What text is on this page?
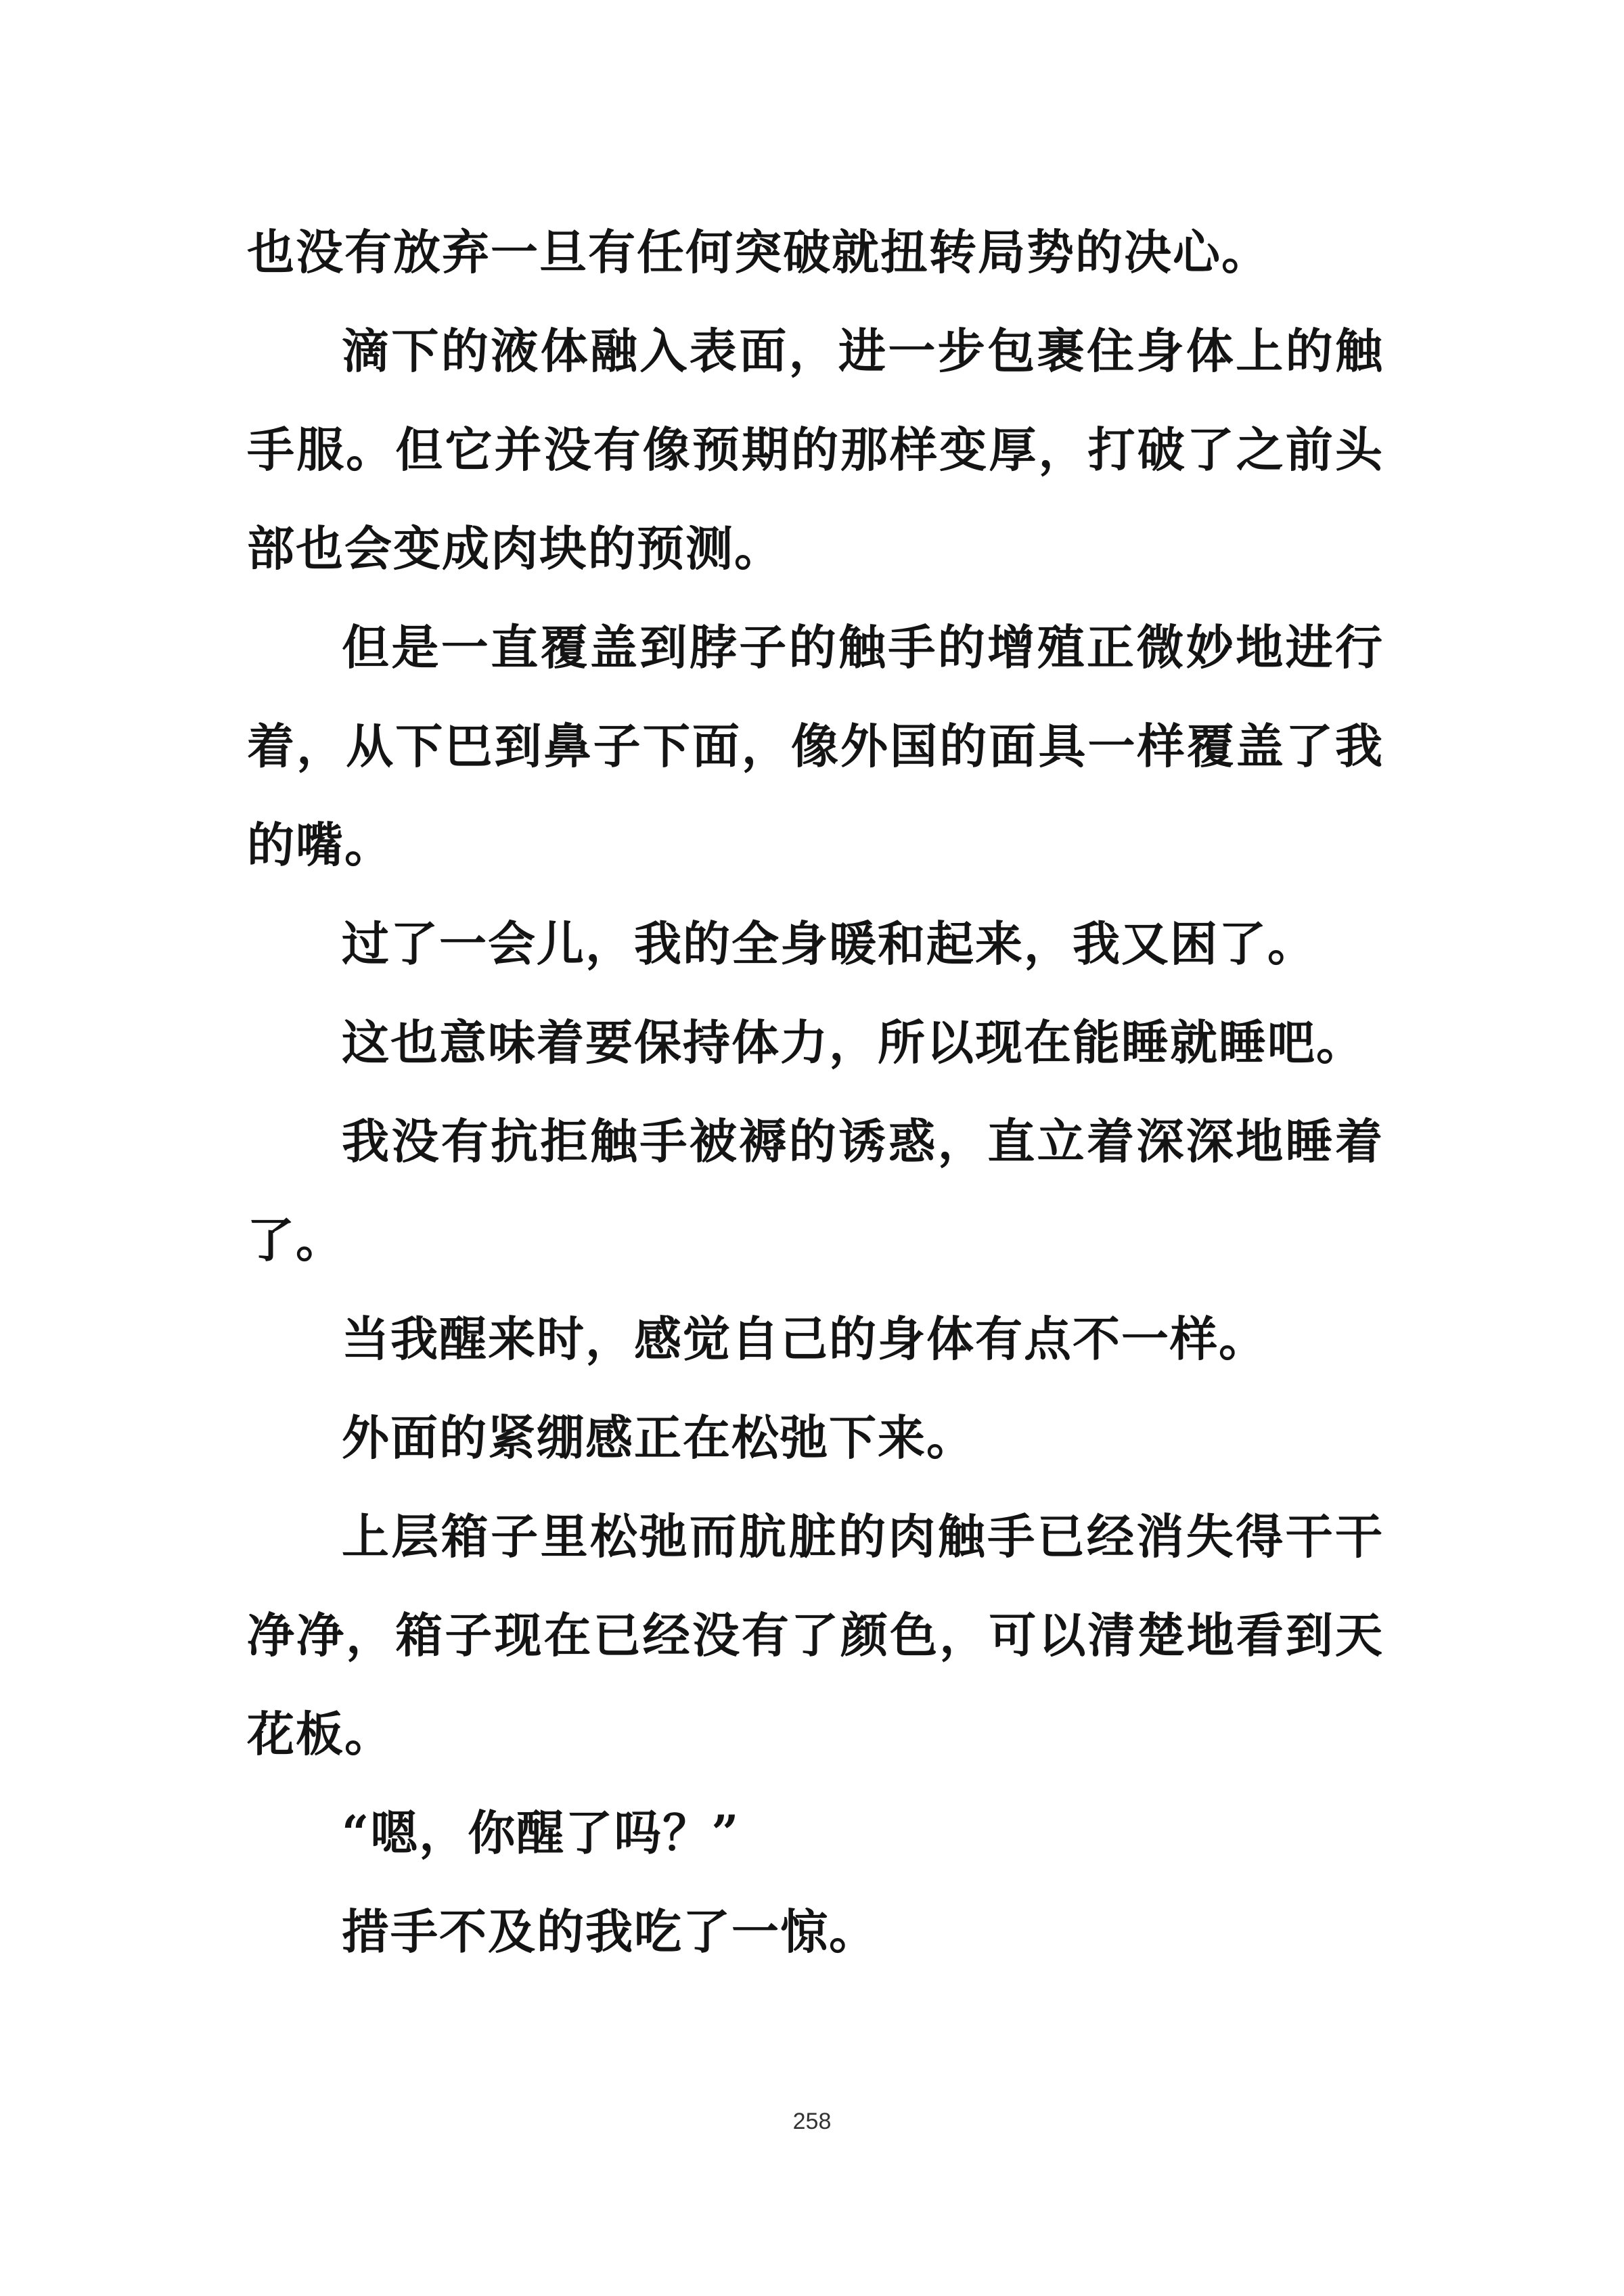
也没有放弃一旦有任何突破就扭转局势的决心。

滴下的液体融入表面，进一步包裹住身体上的触手服。但它并没有像预期的那样变厚，打破了之前头部也会变成肉块的预测。

但是一直覆盖到脖子的触手的增殖正微妙地进行着，从下巴到鼻子下面，像外国的面具一样覆盖了我的嘴。

过了一会儿，我的全身暖和起来，我又困了。

这也意味着要保持体力，所以现在能睡就睡吧。

我没有抗拒触手被褥的诱惑，直立着深深地睡着了。

当我醒来时，感觉自己的身体有点不一样。

外面的紧绷感正在松弛下来。

上层箱子里松弛而肮脏的肉触手已经消失得干干净净，箱子现在已经没有了颜色，可以清楚地看到天花板。

“嗯，你醒了吗？”

措手不及的我吃了一惊。

258
